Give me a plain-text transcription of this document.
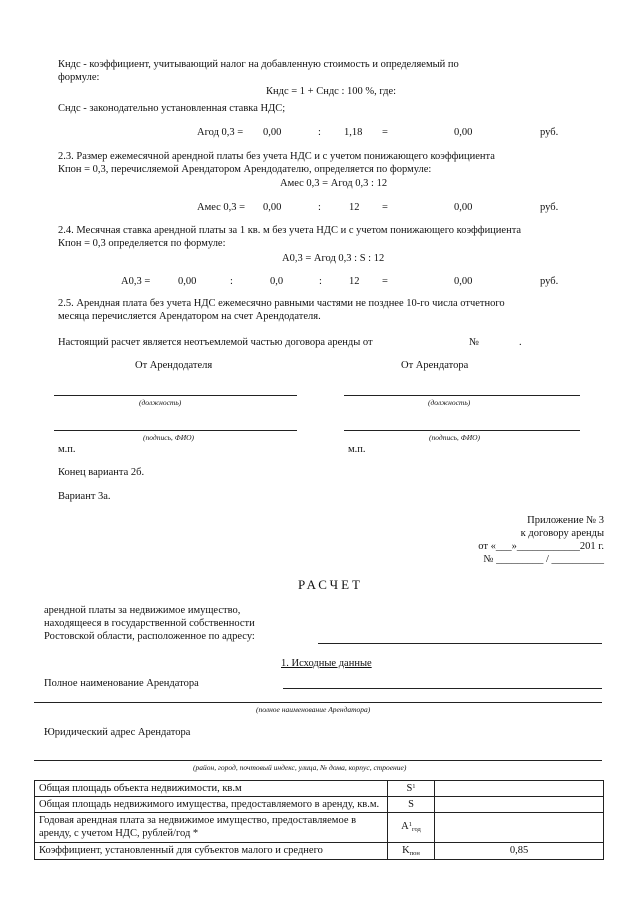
Кндс - коэффициент, учитывающий налог на добавленную стоимость и определяемый по
формуле:
Кндс = 1 + Сндс : 100 %, где:
Сндс - законодательно установленная ставка НДС;
Агод 0,3 = 0,00	: 1,18 =	0,00	руб.
2.3. Размер ежемесячной арендной платы без учета НДС и с учетом понижающего коэффициента
Кпон = 0,3, перечисляемой Арендатором Арендодателю, определяется по формуле:
Амес 0,3 = Агод 0,3 : 12
Амес 0,3 = 0,00	:	12 =	0,00	руб.
2.4. Месячная ставка арендной платы за 1 кв. м без учета НДС и с учетом понижающего коэффициента
Кпон = 0,3 определяется по формуле:
А0,3 = Агод 0,3 : S : 12
А0,3 =	0,00	:	0,0	:	12 =	0,00	руб.
2.5. Арендная плата без учета НДС ежемесячно равными частями не позднее 10-го числа отчетного
месяца перечисляется Арендатором на счет Арендодателя.
Настоящий расчет является неотъемлемой частью договора аренды от	№	.
От Арендодателя	От Арендатора
(должность)	(должность)
(подпись, ФИО)	(подпись, ФИО)
м.п.	м.п.
Конец варианта 2б.
Вариант 3а.
Приложение № 3
к договору аренды
от «___»____________201 г.
№ _________ / __________
РАСЧЕТ
арендной платы за недвижимое имущество,
находящееся в государственной собственности
Ростовской области, расположенное по адресу:
1. Исходные данные
Полное наименование Арендатора
(полное наименование Арендатора)
Юридический адрес Арендатора
(район, город, почтовый индекс, улица, № дома, корпус, строение)
Общая площадь объекта недвижимости, кв.м	$S^1$	
Общая площадь недвижимого имущества, предоставляемого в аренду, кв.м.	S	
Годовая арендная плата за недвижимое имущество, предоставляемое в аренду, с учетом НДС, рублей/год *	$A^1_{год}$	
Коэффициент, установленный для субъектов малого и среднего	$K_{пон}$	0,85
